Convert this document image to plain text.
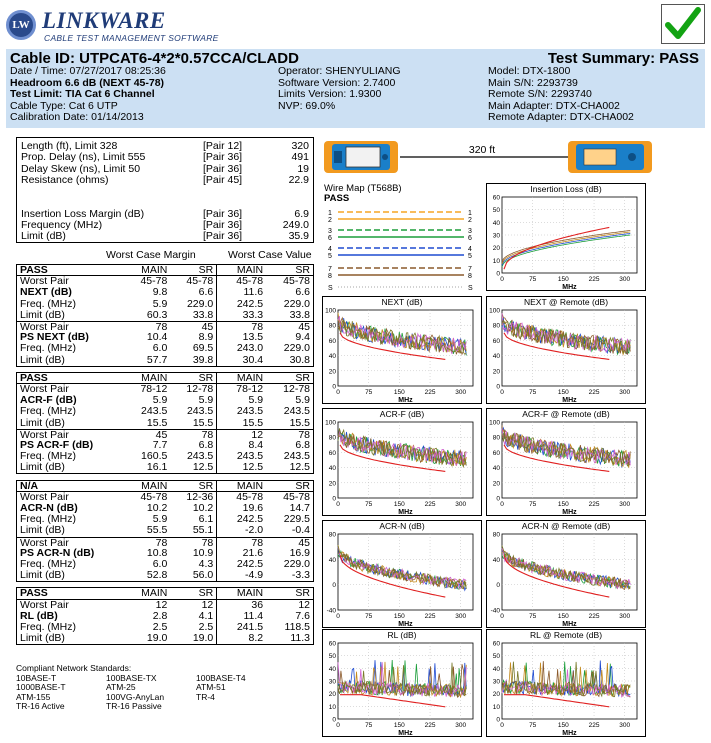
LW LINKWARE
CABLE TEST MANAGEMENT SOFTWARE
Cable ID: UTPCAT6-4*2*0.57CCA/CLADD	Test Summary: PASS
Date / Time: 07/27/2017 08:25:36
Headroom 6.6 dB (NEXT 45-78)
Test Limit: TIA Cat 6 Channel
Cable Type: Cat 6 UTP
Calibration Date: 01/14/2013
Operator: SHENYULIANG
Software Version: 2.7400
Limits Version: 1.9300
NVP: 69.0%
Model: DTX-1800
Main S/N: 2293739
Remote S/N: 2293740
Main Adapter: DTX-CHA002
Remote Adapter: DTX-CHA002
Length (ft), Limit 328	[Pair 12]	320
Prop. Delay (ns), Limit 555	[Pair 36]	491
Delay Skew (ns), Limit 50	[Pair 36]	19
Resistance (ohms)	[Pair 45]	22.9
Insertion Loss Margin (dB)	[Pair 36]	6.9
Frequency (MHz)	[Pair 36]	249.0
Limit (dB)	[Pair 36]	35.9
Worst Case Margin	Worst Case Value
PASS	MAIN	SR	MAIN	SR
Worst Pair	45-78	45-78	45-78	45-78
NEXT (dB)	9.8	6.6	11.6	6.6
Freq. (MHz)	5.9	229.0	242.5	229.0
Limit (dB)	60.3	33.8	33.3	33.8
Worst Pair	78	45	78	45
PS NEXT (dB)	10.4	8.9	13.5	9.4
Freq. (MHz)	6.0	69.5	243.0	229.0
Limit (dB)	57.7	39.8	30.4	30.8
PASS	MAIN	SR	MAIN	SR
Worst Pair	78-12	12-78	78-12	12-78
ACR-F (dB)	5.9	5.9	5.9	5.9
Freq. (MHz)	243.5	243.5	243.5	243.5
Limit (dB)	15.5	15.5	15.5	15.5
Worst Pair	45	78	12	78
PS ACR-F (dB)	7.7	6.8	8.4	6.8
Freq. (MHz)	160.5	243.5	243.5	243.5
Limit (dB)	16.1	12.5	12.5	12.5
N/A	MAIN	SR	MAIN	SR
Worst Pair	45-78	12-36	45-78	45-78
ACR-N (dB)	10.2	10.2	19.6	14.7
Freq. (MHz)	5.9	6.1	242.5	229.5
Limit (dB)	55.5	55.1	-2.0	-0.4
Worst Pair	78	78	78	45
PS ACR-N (dB)	10.8	10.9	21.6	16.9
Freq. (MHz)	6.0	4.3	242.5	229.0
Limit (dB)	52.8	56.0	-4.9	-3.3
PASS	MAIN	SR	MAIN	SR
Worst Pair	12	12	36	12
RL (dB)	2.8	4.1	11.4	7.6
Freq. (MHz)	2.5	2.5	241.5	118.5
Limit (dB)	19.0	19.0	8.2	11.3
Compliant Network Standards:
10BASE-T	100BASE-TX	100BASE-T4
1000BASE-T	ATM-25	ATM-51
ATM-155	100VG-AnyLan	TR-4
TR-16 Active	TR-16 Passive
320 ft
Wire Map (T568B)
PASS
1	1
2	2
3	3
6	6
4	4
5	5
7	7
8	8
S	S
Insertion Loss (dB)
0
10
20
30
40
50
60
0	75	150	225	300
MHz
NEXT (dB)
0
20
40
60
80
100
0	75	150	225	300
MHz
NEXT @ Remote (dB)
0
20
40
60
80
100
0	75	150	225	300
MHz
ACR-F (dB)
0
20
40
60
80
100
0	75	150	225	300
MHz
ACR-F @ Remote (dB)
0
20
40
60
80
100
0	75	150	225	300
MHz
ACR-N (dB)
-40
0
40
80
0	75	150	225	300
MHz
ACR-N @ Remote (dB)
-40
0
40
80
0	75	150	225	300
MHz
RL (dB)
0
10
20
30
40
50
60
0	75	150	225	300
MHz
RL @ Remote (dB)
0
10
20
30
40
50
60
0	75	150	225	300
MHz
